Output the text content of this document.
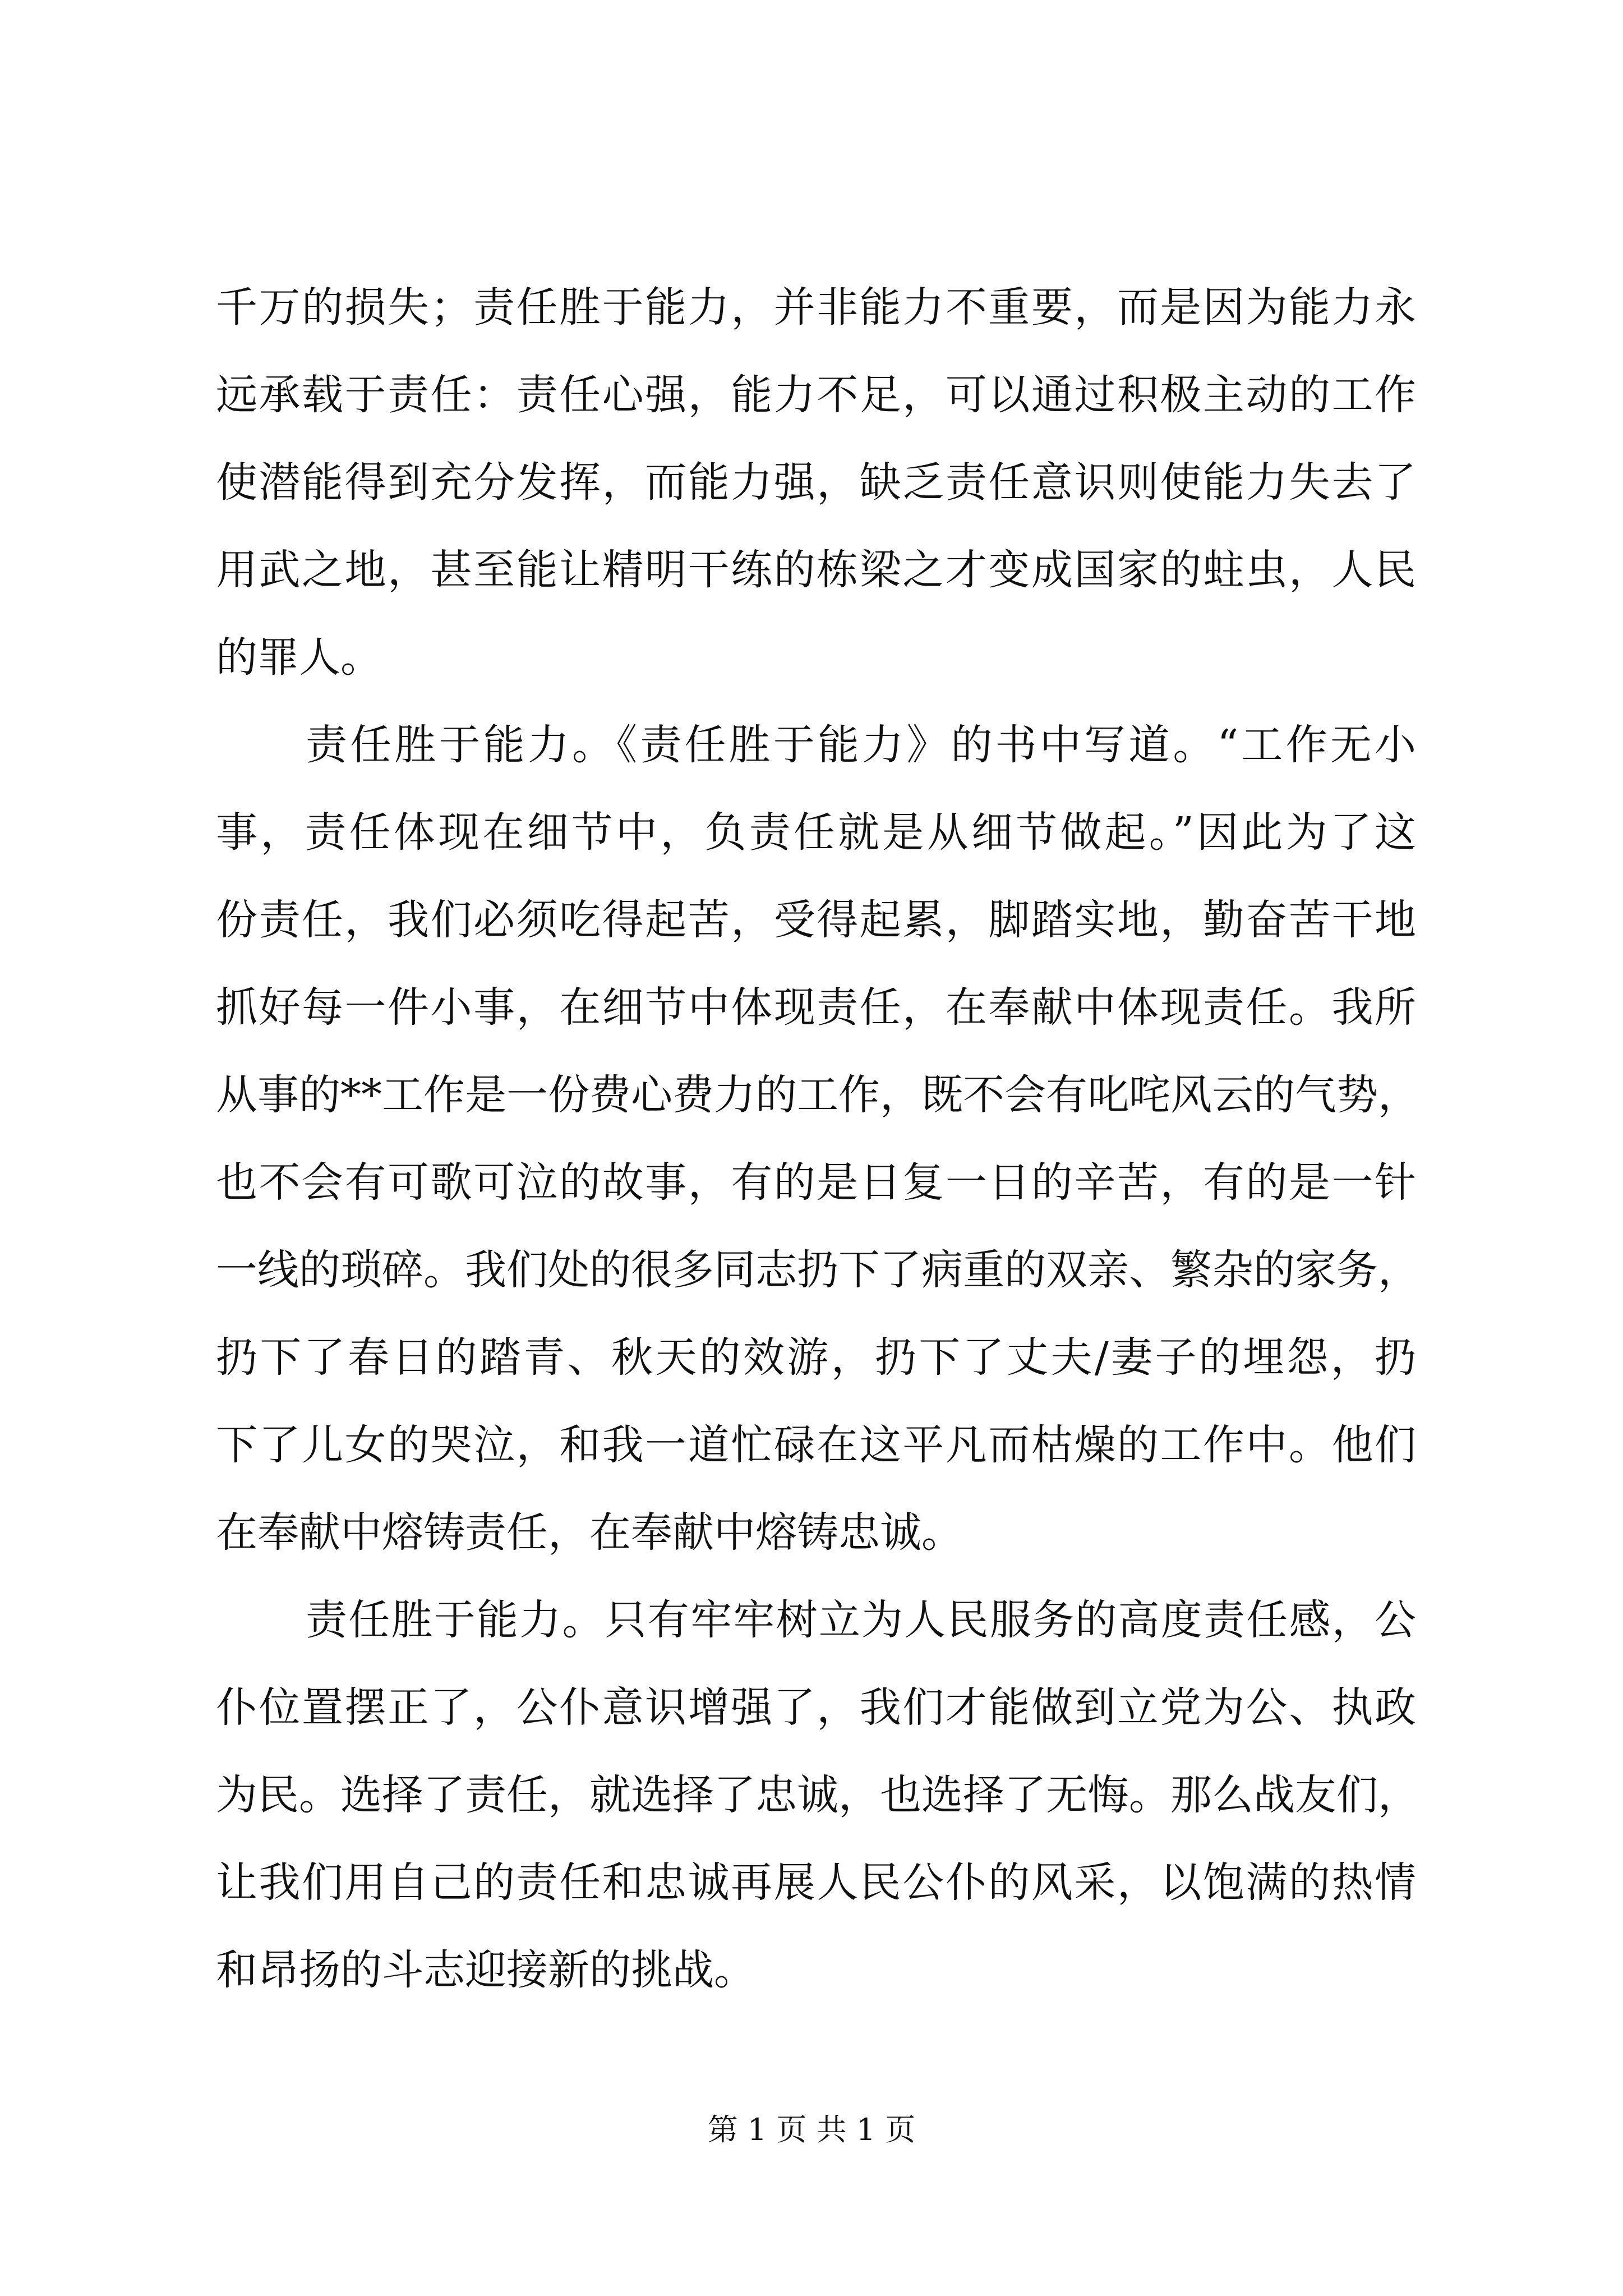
千万的损失；责任胜于能力，并非能力不重要，而是因为能力永
远承载于责任：责任心强，能力不足，可以通过积极主动的工作
使潜能得到充分发挥，而能力强，缺乏责任意识则使能力失去了
用武之地，甚至能让精明干练的栋梁之才变成国家的蛀虫，人民
的罪人。
责任胜于能力。《责任胜于能力》的书中写道。“工作无小
事，责任体现在细节中，负责任就是从细节做起。”因此为了这
份责任，我们必须吃得起苦，受得起累，脚踏实地，勤奋苦干地
抓好每一件小事，在细节中体现责任，在奉献中体现责任。我所
从事的**工作是一份费心费力的工作，既不会有叱咤风云的气势，
也不会有可歌可泣的故事，有的是日复一日的辛苦，有的是一针
一线的琐碎。我们处的很多同志扔下了病重的双亲、繁杂的家务，
扔下了春日的踏青、秋天的效游，扔下了丈夫/妻子的埋怨，扔
下了儿女的哭泣，和我一道忙碌在这平凡而枯燥的工作中。他们
在奉献中熔铸责任，在奉献中熔铸忠诚。
责任胜于能力。只有牢牢树立为人民服务的高度责任感，公
仆位置摆正了，公仆意识增强了，我们才能做到立党为公、执政
为民。选择了责任，就选择了忠诚，也选择了无悔。那么战友们，
让我们用自己的责任和忠诚再展人民公仆的风采，以饱满的热情
和昂扬的斗志迎接新的挑战。
第 1 页 共 1 页
